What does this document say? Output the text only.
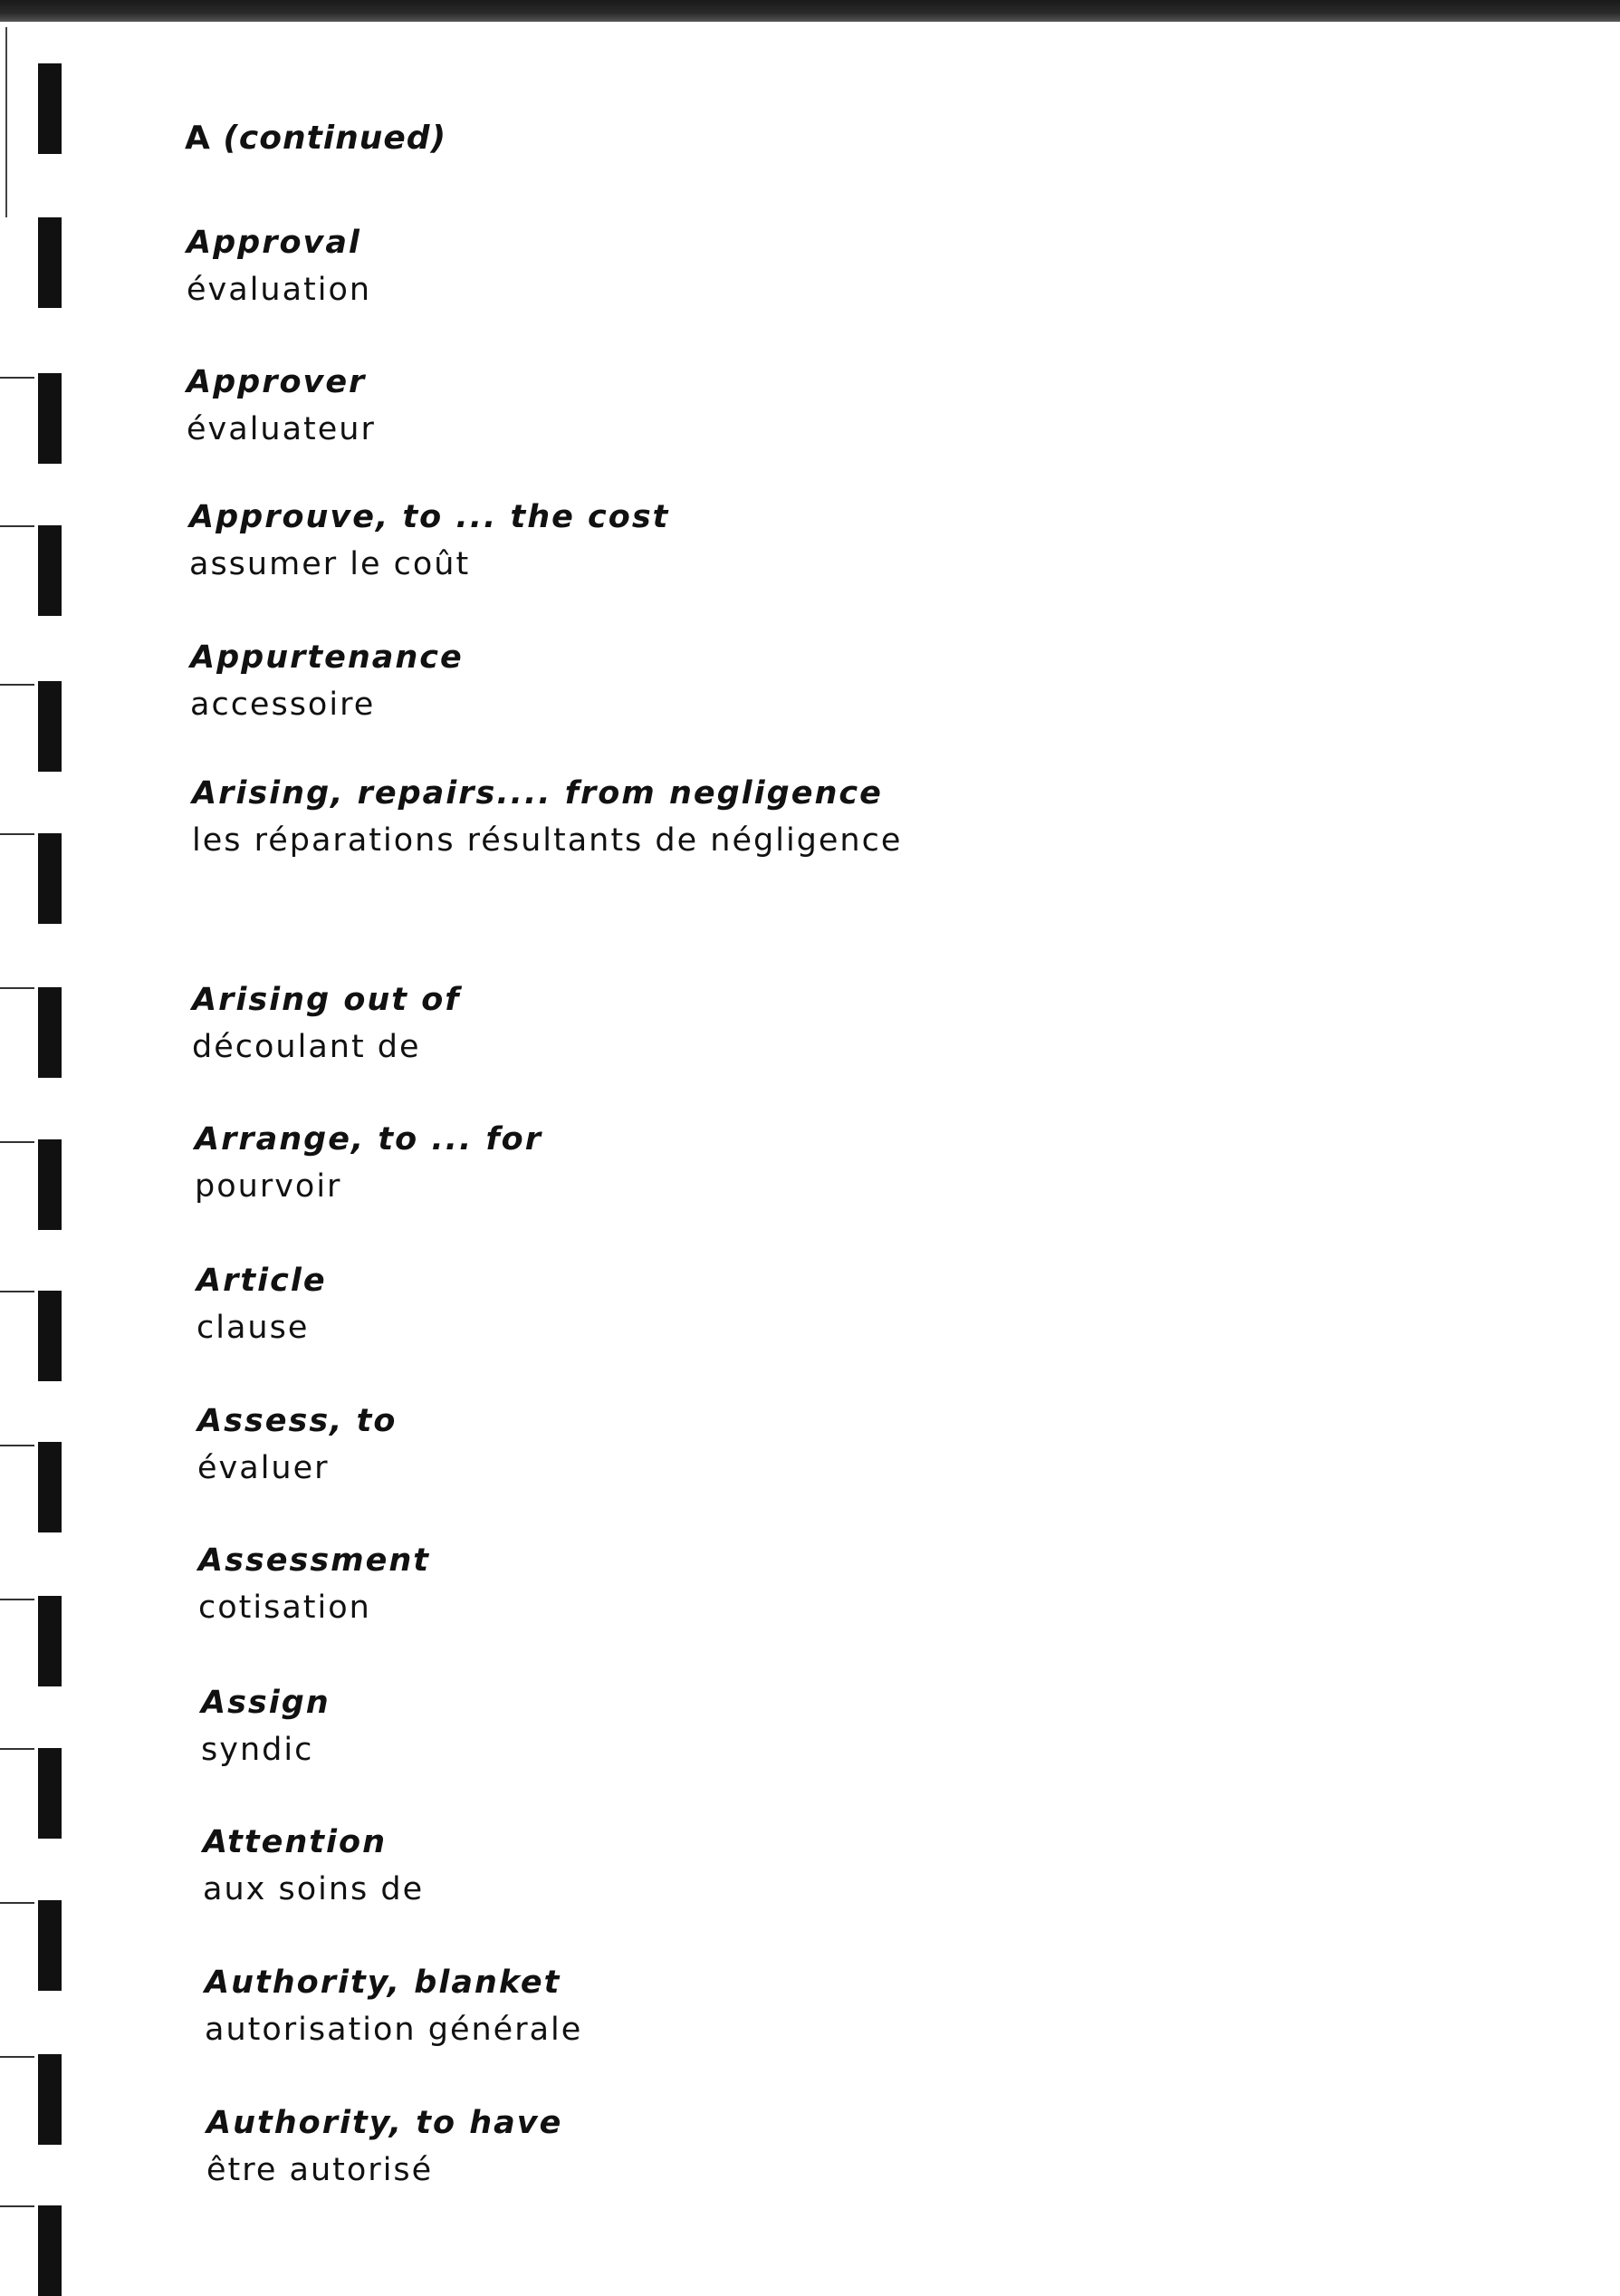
A (continued)
Approval
évaluation
Approver
évaluateur
Approuve, to ... the cost
assumer le coût
Appurtenance
accessoire
Arising, repairs.... from negligence
les réparations résultants de négligence
Arising out of
découlant de
Arrange, to ... for
pourvoir
Article
clause
Assess, to
évaluer
Assessment
cotisation
Assign
syndic
Attention
aux soins de
Authority, blanket
autorisation générale
Authority, to have
être autorisé
